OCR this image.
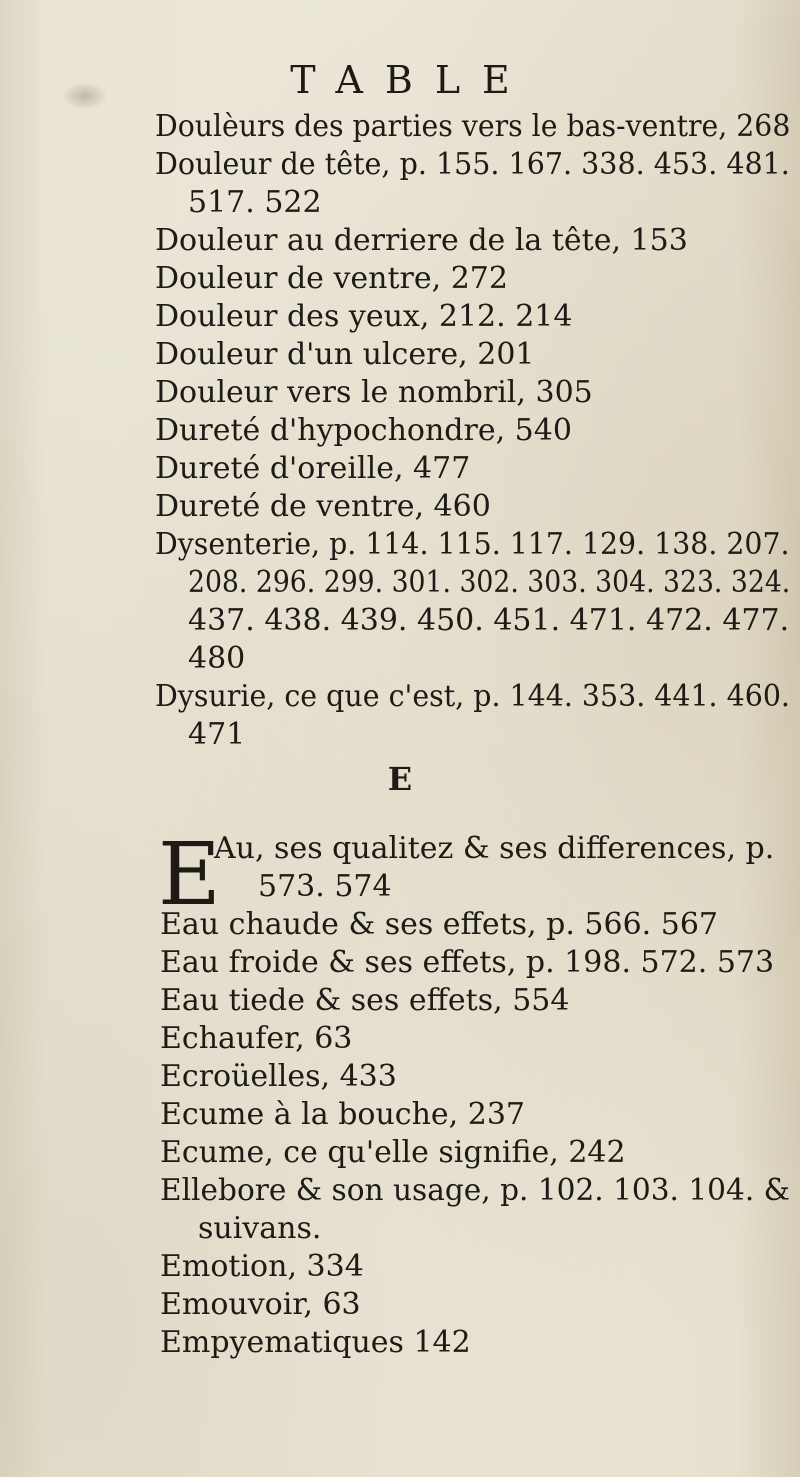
TABLE
Doulèurs des parties vers le bas-ventre, 268
Douleur de tête, p. 155. 167. 338. 453. 481.
517. 522
Douleur au derriere de la tête, 153
Douleur de ventre, 272
Douleur des yeux, 212. 214
Douleur d'un ulcere, 201
Douleur vers le nombril, 305
Dureté d'hypochondre, 540
Dureté d'oreille, 477
Dureté de ventre, 460
Dysenterie, p. 114. 115. 117. 129. 138. 207.
208. 296. 299. 301. 302. 303. 304. 323. 324.
437. 438. 439. 450. 451. 471. 472. 477.
480
Dysurie, ce que c'est, p. 144. 353. 441. 460.
471
E
E
Au, ses qualitez & ses differences, p.
573. 574
Eau chaude & ses effets, p. 566. 567
Eau froide & ses effets, p. 198. 572. 573
Eau tiede & ses effets, 554
Echaufer, 63
Ecroüelles, 433
Ecume à la bouche, 237
Ecume, ce qu'elle signifie, 242
Ellebore & son usage, p. 102. 103. 104. &
suivans.
Emotion, 334
Emouvoir, 63
Empyematiques 142
